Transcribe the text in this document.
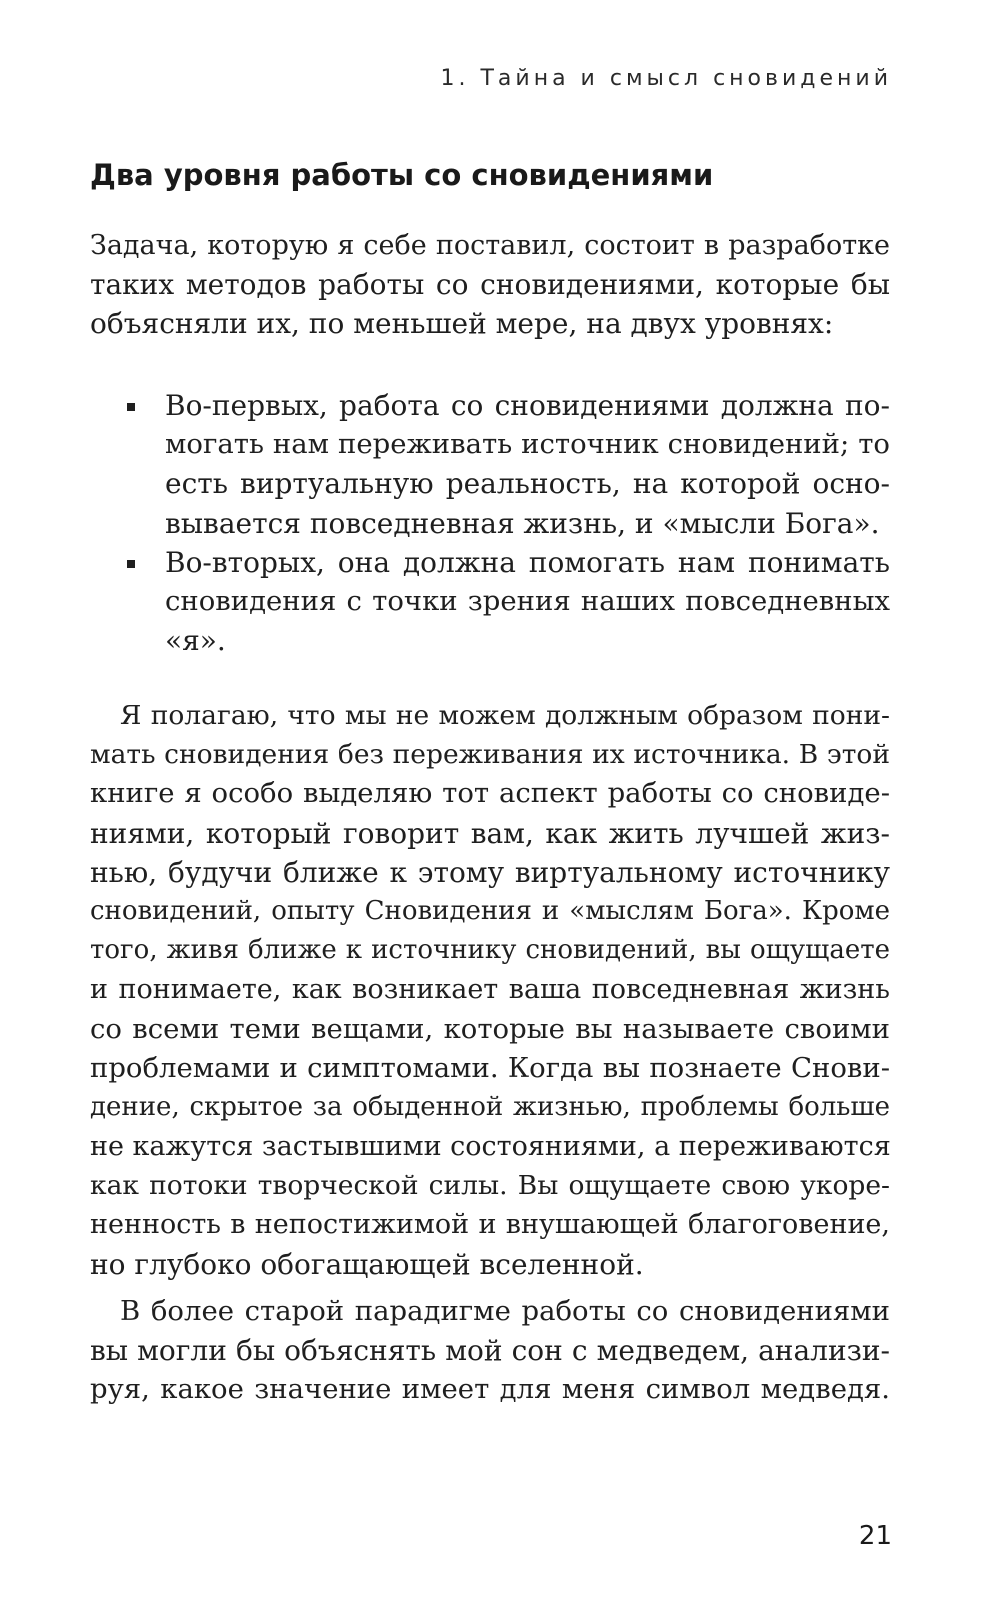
1. Тайна и смысл сновидений
Два уровня работы со сновидениями
Задача, которую я себе поставил, состоит в разработке
таких методов работы со сновидениями, которые бы
объясняли их, по меньшей мере, на двух уровнях:
Во-первых, работа со сновидениями должна по-
могать нам переживать источник сновидений; то
есть виртуальную реальность, на которой осно-
вывается повседневная жизнь, и «мысли Бога».
Во-вторых, она должна помогать нам понимать
сновидения с точки зрения наших повседневных
«я».
Я полагаю, что мы не можем должным образом пони-
мать сновидения без переживания их источника. В этой
книге я особо выделяю тот аспект работы со сновиде-
ниями, который говорит вам, как жить лучшей жиз-
нью, будучи ближе к этому виртуальному источнику
сновидений, опыту Сновидения и «мыслям Бога». Кроме
того, живя ближе к источнику сновидений, вы ощущаете
и понимаете, как возникает ваша повседневная жизнь
со всеми теми вещами, которые вы называете своими
проблемами и симптомами. Когда вы познаете Снови-
дение, скрытое за обыденной жизнью, проблемы больше
не кажутся застывшими состояниями, а переживаются
как потоки творческой силы. Вы ощущаете свою укоре-
ненность в непостижимой и внушающей благоговение,
но глубоко обогащающей вселенной.
В более старой парадигме работы со сновидениями
вы могли бы объяснять мой сон с медведем, анализи-
руя, какое значение имеет для меня символ медведя.
21
